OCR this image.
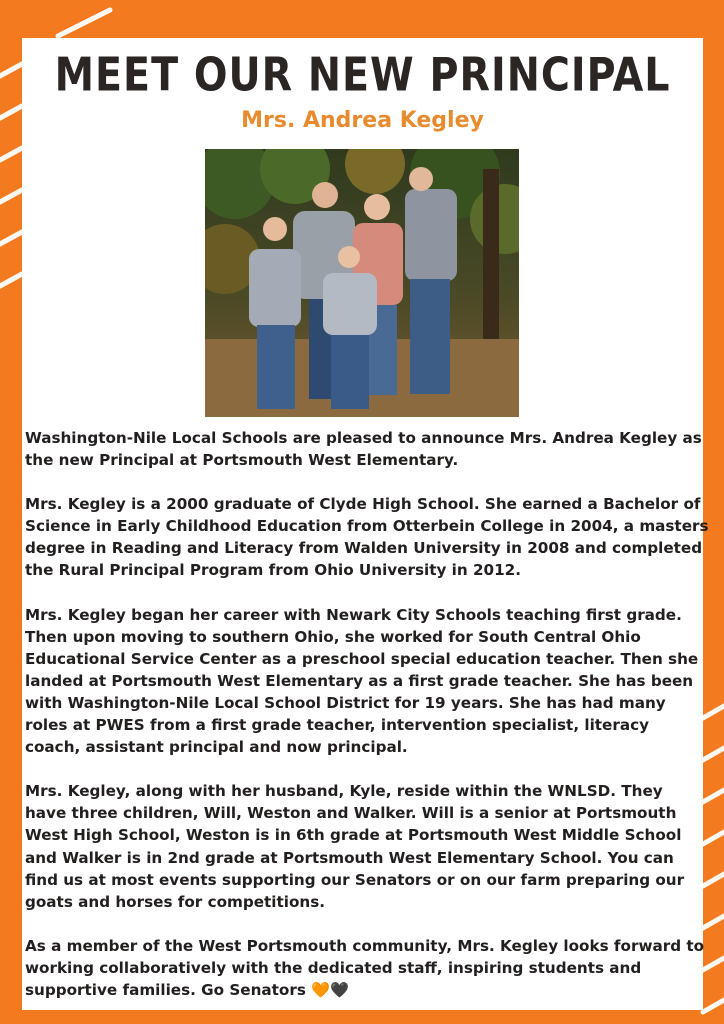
MEET OUR NEW PRINCIPAL
Mrs. Andrea Kegley

Washington-Nile Local Schools are pleased to announce Mrs. Andrea Kegley as the new Principal at Portsmouth West Elementary.

Mrs. Kegley is a 2000 graduate of Clyde High School. She earned a Bachelor of Science in Early Childhood Education from Otterbein College in 2004, a masters degree in Reading and Literacy from Walden University in 2008 and completed the Rural Principal Program from Ohio University in 2012.

Mrs. Kegley began her career with Newark City Schools teaching first grade. Then upon moving to southern Ohio, she worked for South Central Ohio Educational Service Center as a preschool special education teacher. Then she landed at Portsmouth West Elementary as a first grade teacher. She has been with Washington-Nile Local School District for 19 years. She has had many roles at PWES from a first grade teacher, intervention specialist, literacy coach, assistant principal and now principal.

Mrs. Kegley, along with her husband, Kyle, reside within the WNLSD. They have three children, Will, Weston and Walker. Will is a senior at Portsmouth West High School, Weston is in 6th grade at Portsmouth West Middle School and Walker is in 2nd grade at Portsmouth West Elementary School. You can find us at most events supporting our Senators or on our farm preparing our goats and horses for competitions.

As a member of the West Portsmouth community, Mrs. Kegley looks forward to working collaboratively with the dedicated staff, inspiring students and supportive families. Go Senators 🧡🖤
